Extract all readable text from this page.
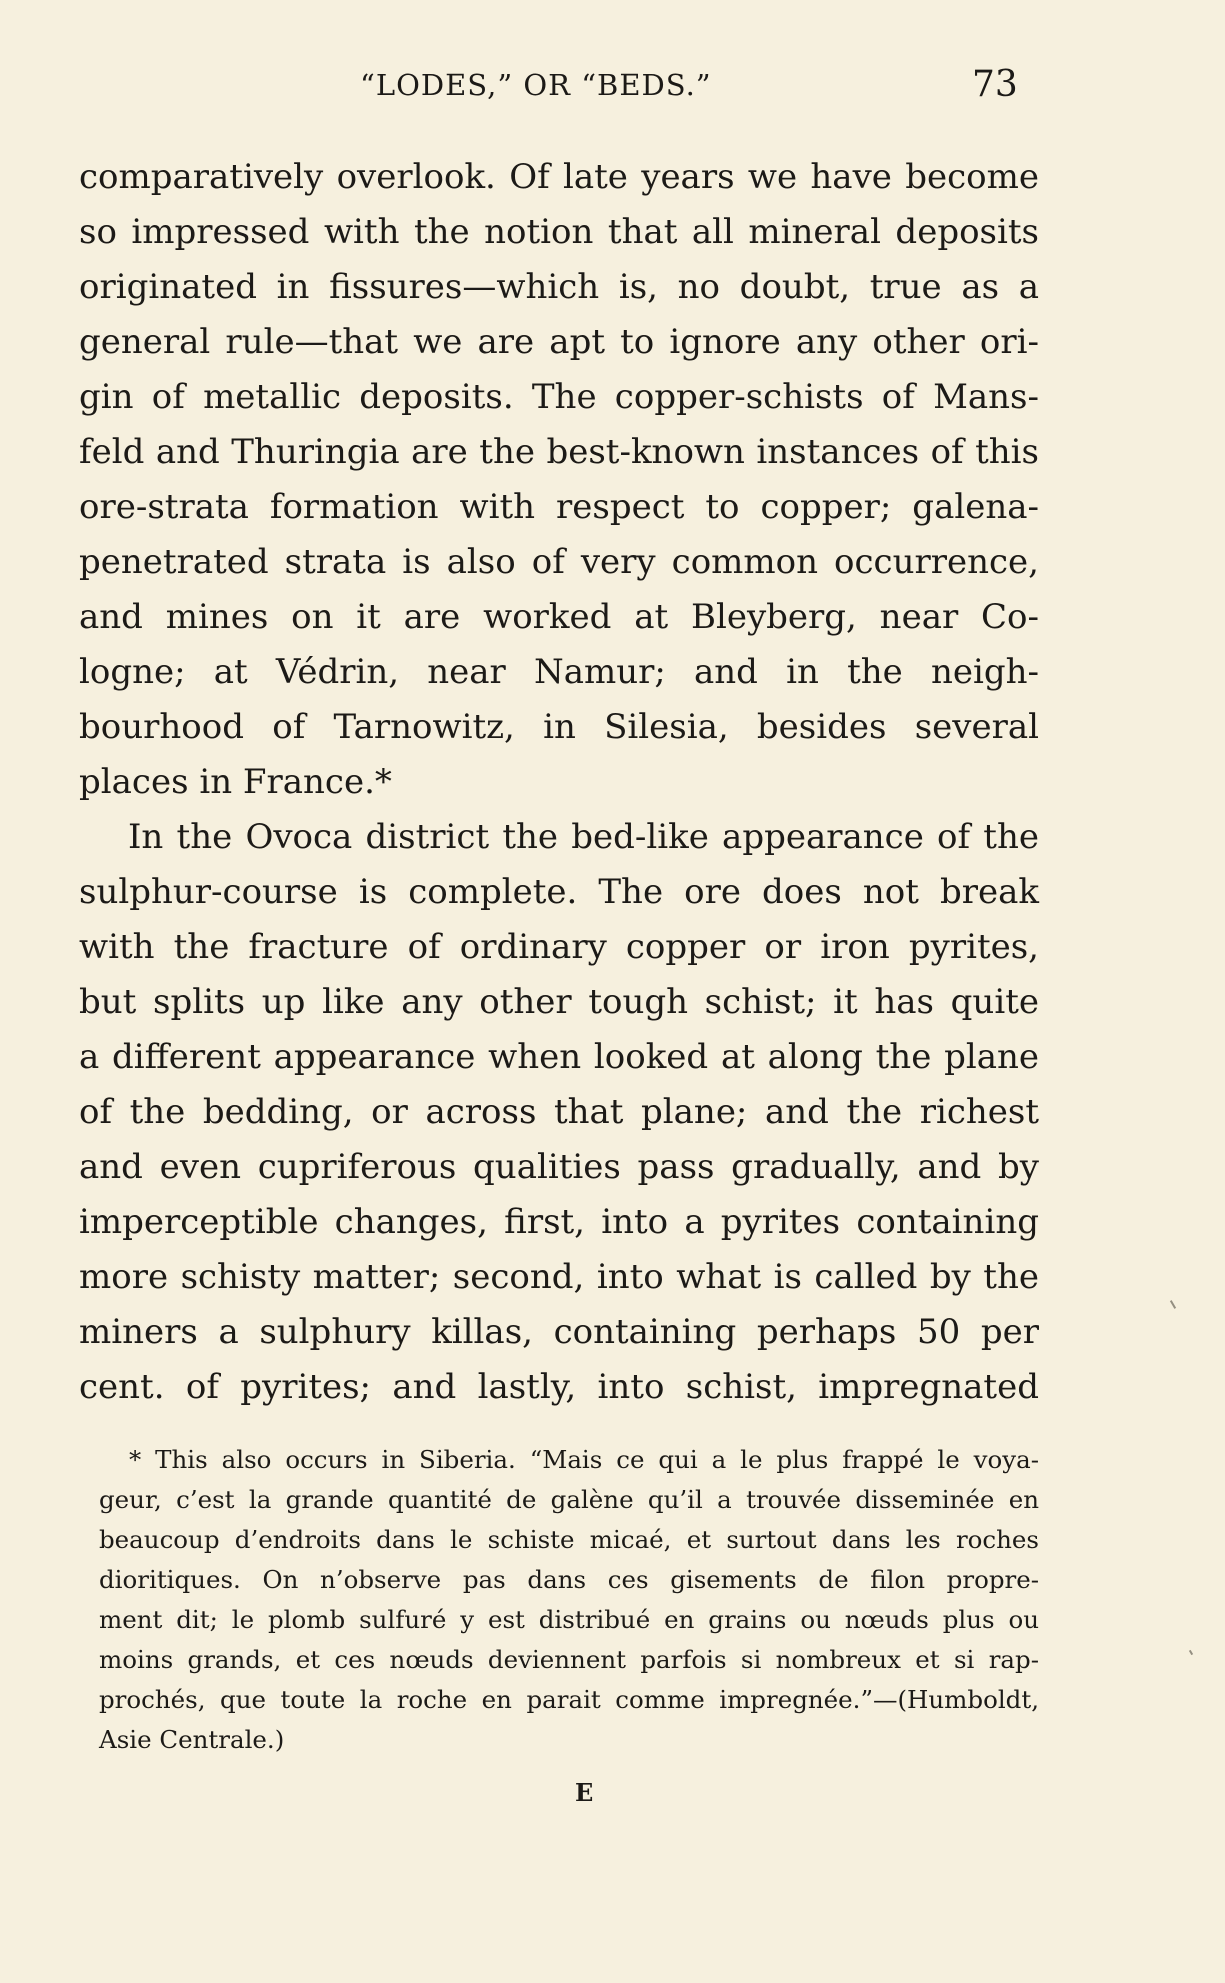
“LODES,” OR “BEDS.”	73
comparatively overlook. Of late years we have become
so impressed with the notion that all mineral deposits
originated in fissures—which is, no doubt, true as a
general rule—that we are apt to ignore any other ori-
gin of metallic deposits. The copper-schists of Mans-
feld and Thuringia are the best-known instances of this
ore-strata formation with respect to copper; galena-
penetrated strata is also of very common occurrence,
and mines on it are worked at Bleyberg, near Co-
logne; at Védrin, near Namur; and in the neigh-
bourhood of Tarnowitz, in Silesia, besides several
places in France.*
In the Ovoca district the bed-like appearance of the
sulphur-course is complete. The ore does not break
with the fracture of ordinary copper or iron pyrites,
but splits up like any other tough schist; it has quite
a different appearance when looked at along the plane
of the bedding, or across that plane; and the richest
and even cupriferous qualities pass gradually, and by
imperceptible changes, first, into a pyrites containing
more schisty matter; second, into what is called by the
miners a sulphury killas, containing perhaps 50 per
cent. of pyrites; and lastly, into schist, impregnated
* This also occurs in Siberia. “Mais ce qui a le plus frappé le voya-
geur, c’est la grande quantité de galène qu’il a trouvée disseminée en
beaucoup d’endroits dans le schiste micaé, et surtout dans les roches
dioritiques. On n’observe pas dans ces gisements de filon propre-
ment dit; le plomb sulfuré y est distribué en grains ou nœuds plus ou
moins grands, et ces nœuds deviennent parfois si nombreux et si rap-
prochés, que toute la roche en parait comme impregnée.”—(Humboldt,
Asie Centrale.)
E
